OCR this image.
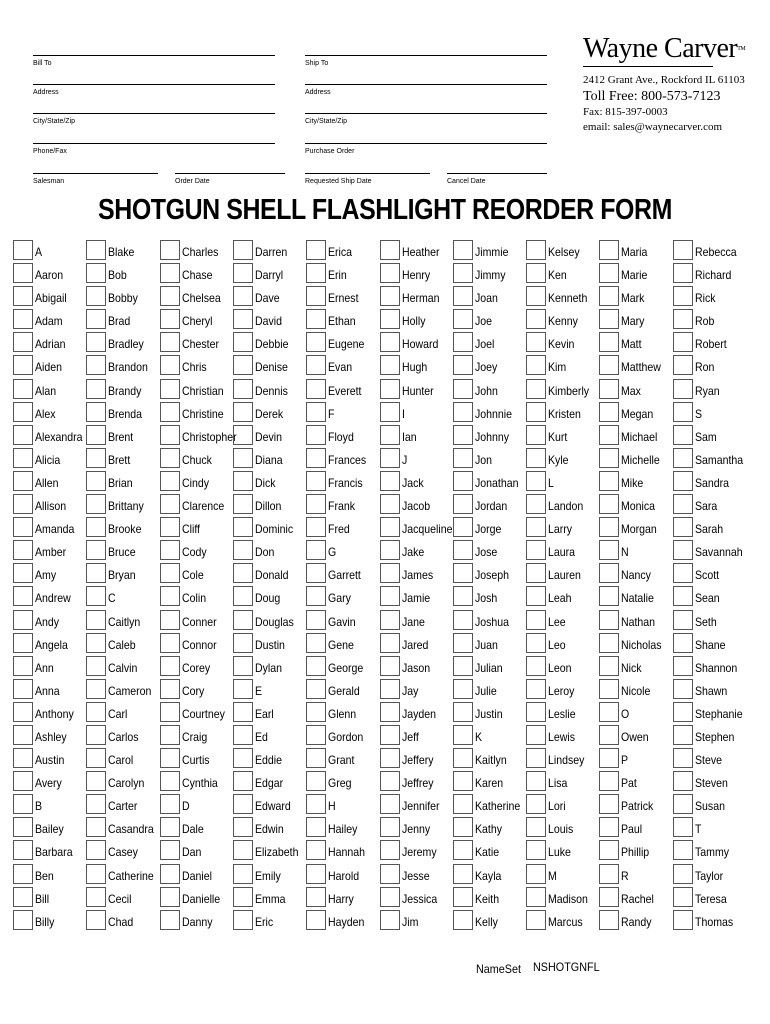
Bill To	Ship To
Address	Address
City/State/Zip	City/State/Zip
Phone/Fax	Purchase Order
Salesman	Order Date	Requested Ship Date	Cancel Date
Wayne Carver™
2412 Grant Ave., Rockford IL 61103
Toll Free: 800-573-7123
Fax: 815-397-0003
email: sales@waynecarver.com
SHOTGUN SHELL FLASHLIGHT REORDER FORM
A
Aaron
Abigail
Adam
Adrian
Aiden
Alan
Alex
Alexandra
Alicia
Allen
Allison
Amanda
Amber
Amy
Andrew
Andy
Angela
Ann
Anna
Anthony
Ashley
Austin
Avery
B
Bailey
Barbara
Ben
Bill
Billy
Blake
Bob
Bobby
Brad
Bradley
Brandon
Brandy
Brenda
Brent
Brett
Brian
Brittany
Brooke
Bruce
Bryan
C
Caitlyn
Caleb
Calvin
Cameron
Carl
Carlos
Carol
Carolyn
Carter
Casandra
Casey
Catherine
Cecil
Chad
Charles
Chase
Chelsea
Cheryl
Chester
Chris
Christian
Christine
Christopher
Chuck
Cindy
Clarence
Cliff
Cody
Cole
Colin
Conner
Connor
Corey
Cory
Courtney
Craig
Curtis
Cynthia
D
Dale
Dan
Daniel
Danielle
Danny
Darren
Darryl
Dave
David
Debbie
Denise
Dennis
Derek
Devin
Diana
Dick
Dillon
Dominic
Don
Donald
Doug
Douglas
Dustin
Dylan
E
Earl
Ed
Eddie
Edgar
Edward
Edwin
Elizabeth
Emily
Emma
Eric
Erica
Erin
Ernest
Ethan
Eugene
Evan
Everett
F
Floyd
Frances
Francis
Frank
Fred
G
Garrett
Gary
Gavin
Gene
George
Gerald
Glenn
Gordon
Grant
Greg
H
Hailey
Hannah
Harold
Harry
Hayden
Heather
Henry
Herman
Holly
Howard
Hugh
Hunter
I
Ian
J
Jack
Jacob
Jacqueline
Jake
James
Jamie
Jane
Jared
Jason
Jay
Jayden
Jeff
Jeffery
Jeffrey
Jennifer
Jenny
Jeremy
Jesse
Jessica
Jim
Jimmie
Jimmy
Joan
Joe
Joel
Joey
John
Johnnie
Johnny
Jon
Jonathan
Jordan
Jorge
Jose
Joseph
Josh
Joshua
Juan
Julian
Julie
Justin
K
Kaitlyn
Karen
Katherine
Kathy
Katie
Kayla
Keith
Kelly
Kelsey
Ken
Kenneth
Kenny
Kevin
Kim
Kimberly
Kristen
Kurt
Kyle
L
Landon
Larry
Laura
Lauren
Leah
Lee
Leo
Leon
Leroy
Leslie
Lewis
Lindsey
Lisa
Lori
Louis
Luke
M
Madison
Marcus
Maria
Marie
Mark
Mary
Matt
Matthew
Max
Megan
Michael
Michelle
Mike
Monica
Morgan
N
Nancy
Natalie
Nathan
Nicholas
Nick
Nicole
O
Owen
P
Pat
Patrick
Paul
Phillip
R
Rachel
Randy
Rebecca
Richard
Rick
Rob
Robert
Ron
Ryan
S
Sam
Samantha
Sandra
Sara
Sarah
Savannah
Scott
Sean
Seth
Shane
Shannon
Shawn
Stephanie
Stephen
Steve
Steven
Susan
T
Tammy
Taylor
Teresa
Thomas
NameSet NSHOTGNFL
